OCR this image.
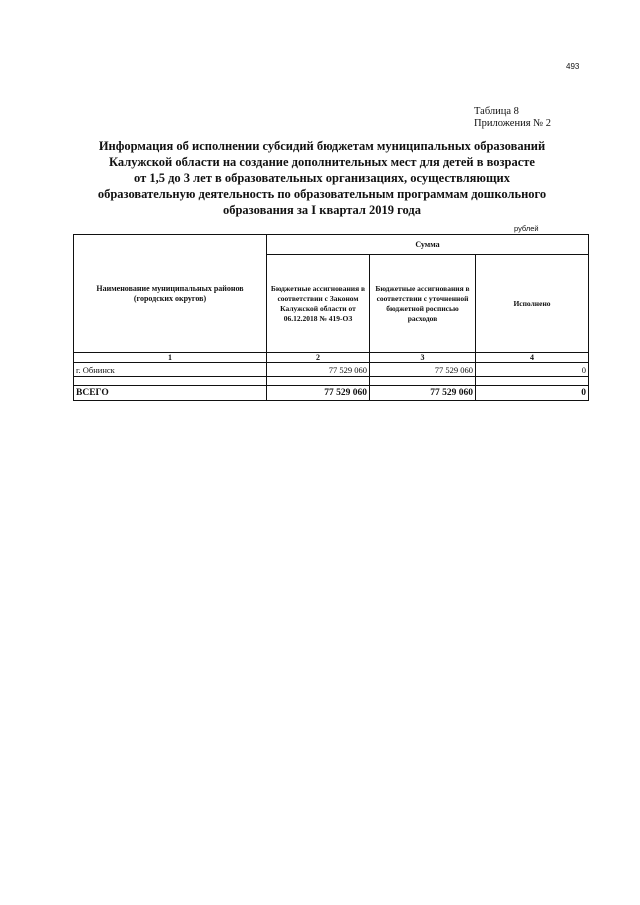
493
Таблица 8
Приложения № 2
Информация об исполнении субсидий бюджетам муниципальных образований
Калужской области на создание дополнительных мест для детей в возрасте
от 1,5 до 3 лет в образовательных организациях, осуществляющих
образовательную деятельность по образовательным программам дошкольного
образования за I квартал 2019 года
рублей
Наименование муниципальных районов (городских округов)	Сумма		
	Бюджетные ассигнования в соответствии с Законом Калужской области от 06.12.2018 № 419-ОЗ	Бюджетные ассигнования в соответствии с уточненной бюджетной росписью расходов	Исполнено
1	2	3	4
г. Обнинск	77 529 060	77 529 060	0

ВСЕГО	77 529 060	77 529 060	0
